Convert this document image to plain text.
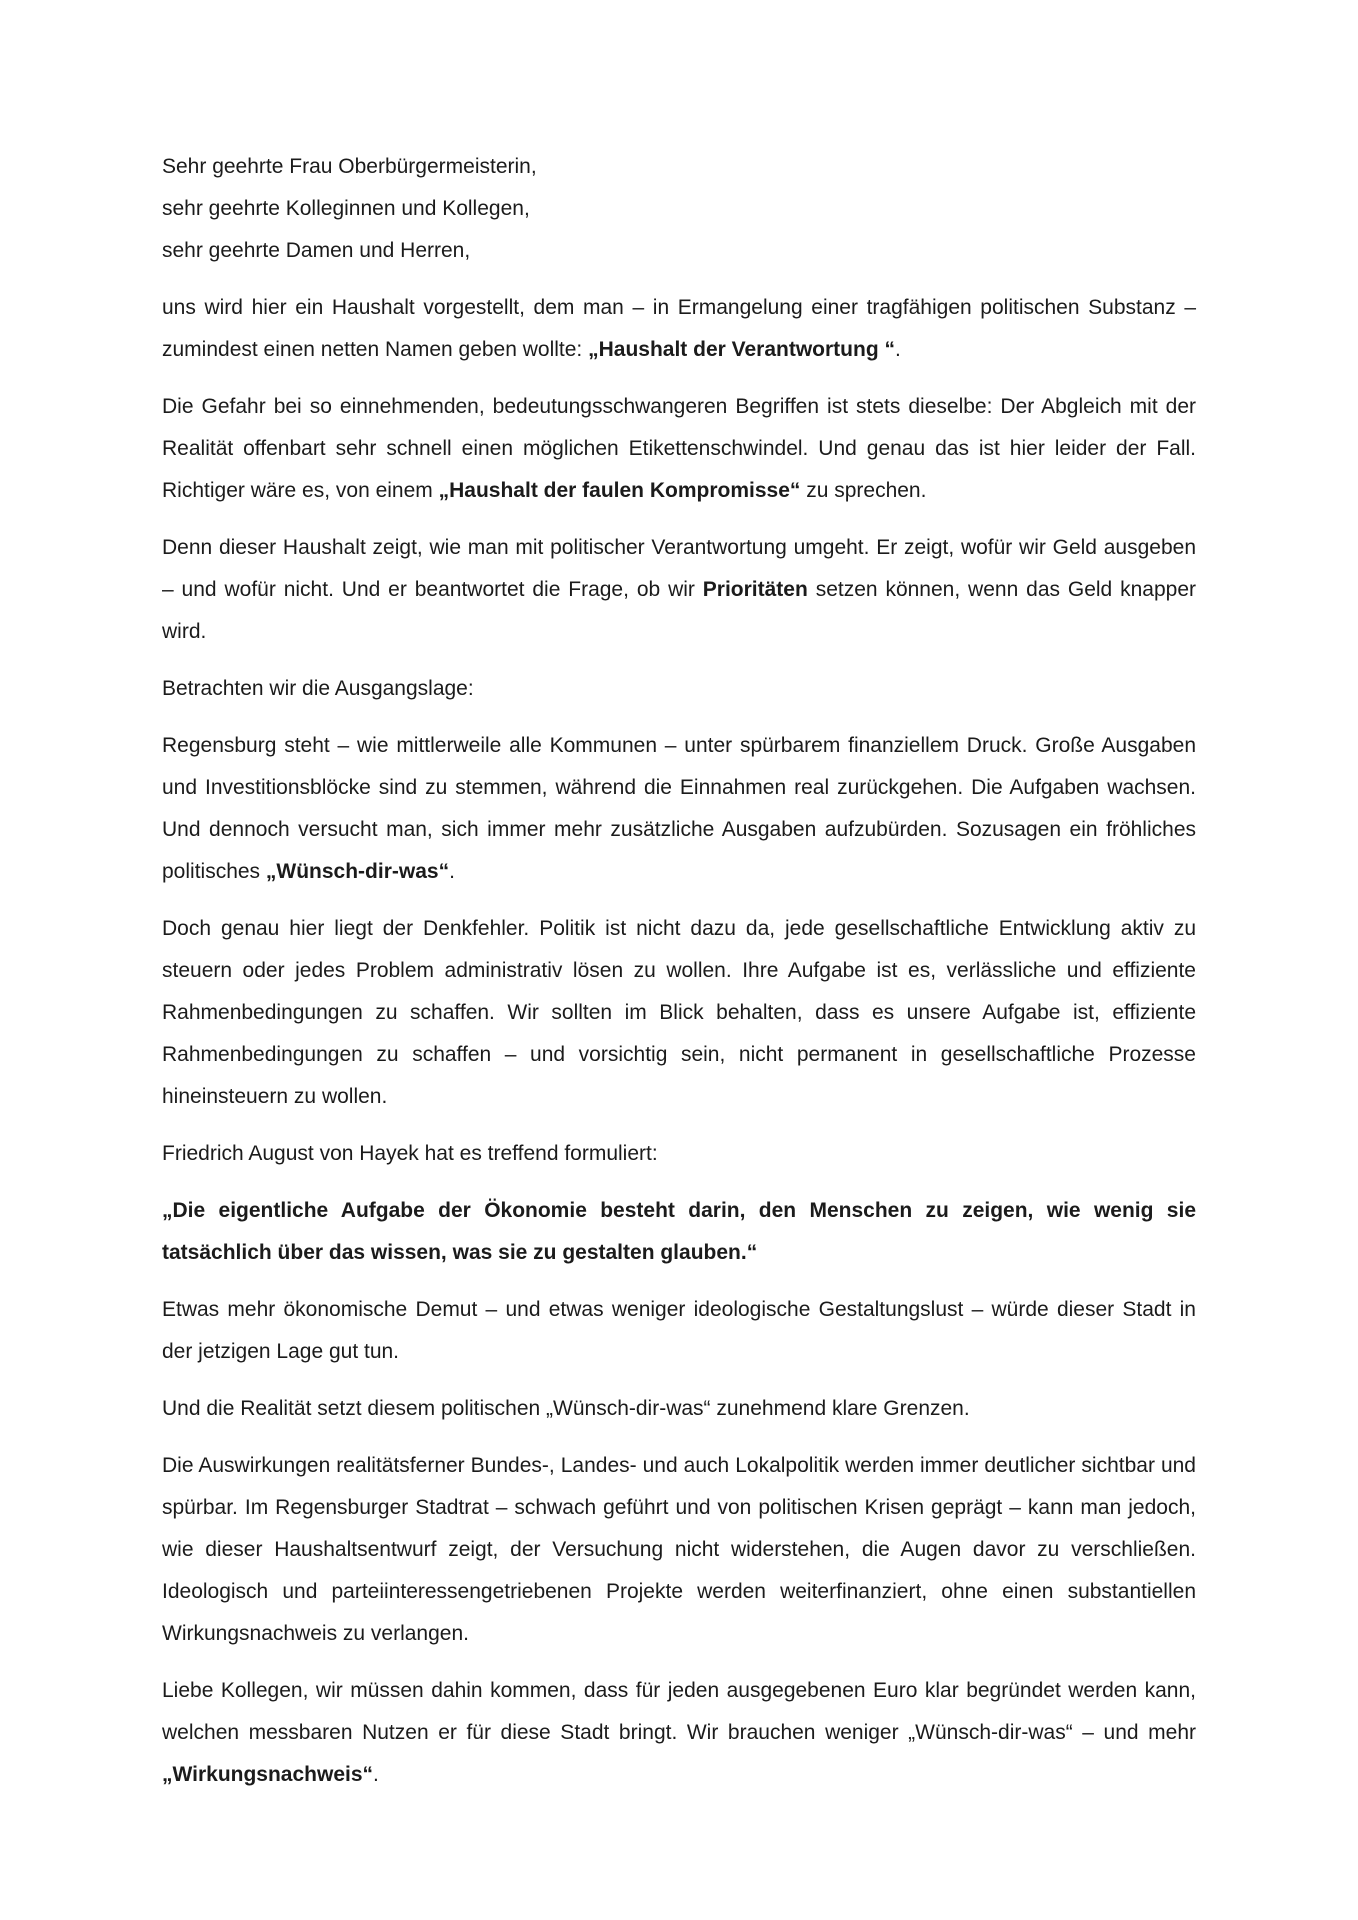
Sehr geehrte Frau Oberbürgermeisterin,
sehr geehrte Kolleginnen und Kollegen,
sehr geehrte Damen und Herren,

uns wird hier ein Haushalt vorgestellt, dem man – in Ermangelung einer tragfähigen politischen Substanz – zumindest einen netten Namen geben wollte: „Haushalt der Verantwortung “.

Die Gefahr bei so einnehmenden, bedeutungsschwangeren Begriffen ist stets dieselbe: Der Abgleich mit der Realität offenbart sehr schnell einen möglichen Etikettenschwindel. Und genau das ist hier leider der Fall. Richtiger wäre es, von einem „Haushalt der faulen Kompromisse“ zu sprechen.

Denn dieser Haushalt zeigt, wie man mit politischer Verantwortung umgeht. Er zeigt, wofür wir Geld ausgeben – und wofür nicht. Und er beantwortet die Frage, ob wir Prioritäten setzen können, wenn das Geld knapper wird.

Betrachten wir die Ausgangslage:

Regensburg steht – wie mittlerweile alle Kommunen – unter spürbarem finanziellem Druck. Große Ausgaben und Investitionsblöcke sind zu stemmen, während die Einnahmen real zurückgehen. Die Aufgaben wachsen. Und dennoch versucht man, sich immer mehr zusätzliche Ausgaben aufzubürden. Sozusagen ein fröhliches politisches „Wünsch-dir-was“.

Doch genau hier liegt der Denkfehler. Politik ist nicht dazu da, jede gesellschaftliche Entwicklung aktiv zu steuern oder jedes Problem administrativ lösen zu wollen. Ihre Aufgabe ist es, verlässliche und effiziente Rahmenbedingungen zu schaffen. Wir sollten im Blick behalten, dass es unsere Aufgabe ist, effiziente Rahmenbedingungen zu schaffen – und vorsichtig sein, nicht permanent in gesellschaftliche Prozesse hineinsteuern zu wollen.

Friedrich August von Hayek hat es treffend formuliert:

„Die eigentliche Aufgabe der Ökonomie besteht darin, den Menschen zu zeigen, wie wenig sie tatsächlich über das wissen, was sie zu gestalten glauben.“

Etwas mehr ökonomische Demut – und etwas weniger ideologische Gestaltungslust – würde dieser Stadt in der jetzigen Lage gut tun.

Und die Realität setzt diesem politischen „Wünsch-dir-was“ zunehmend klare Grenzen.

Die Auswirkungen realitätsferner Bundes-, Landes- und auch Lokalpolitik werden immer deutlicher sichtbar und spürbar. Im Regensburger Stadtrat – schwach geführt und von politischen Krisen geprägt – kann man jedoch, wie dieser Haushaltsentwurf zeigt, der Versuchung nicht widerstehen, die Augen davor zu verschließen. Ideologisch und parteiinteressengetriebenen Projekte werden weiterfinanziert, ohne einen substantiellen Wirkungsnachweis zu verlangen.

Liebe Kollegen, wir müssen dahin kommen, dass für jeden ausgegebenen Euro klar begründet werden kann, welchen messbaren Nutzen er für diese Stadt bringt. Wir brauchen weniger „Wünsch-dir-was“ – und mehr „Wirkungsnachweis“.
